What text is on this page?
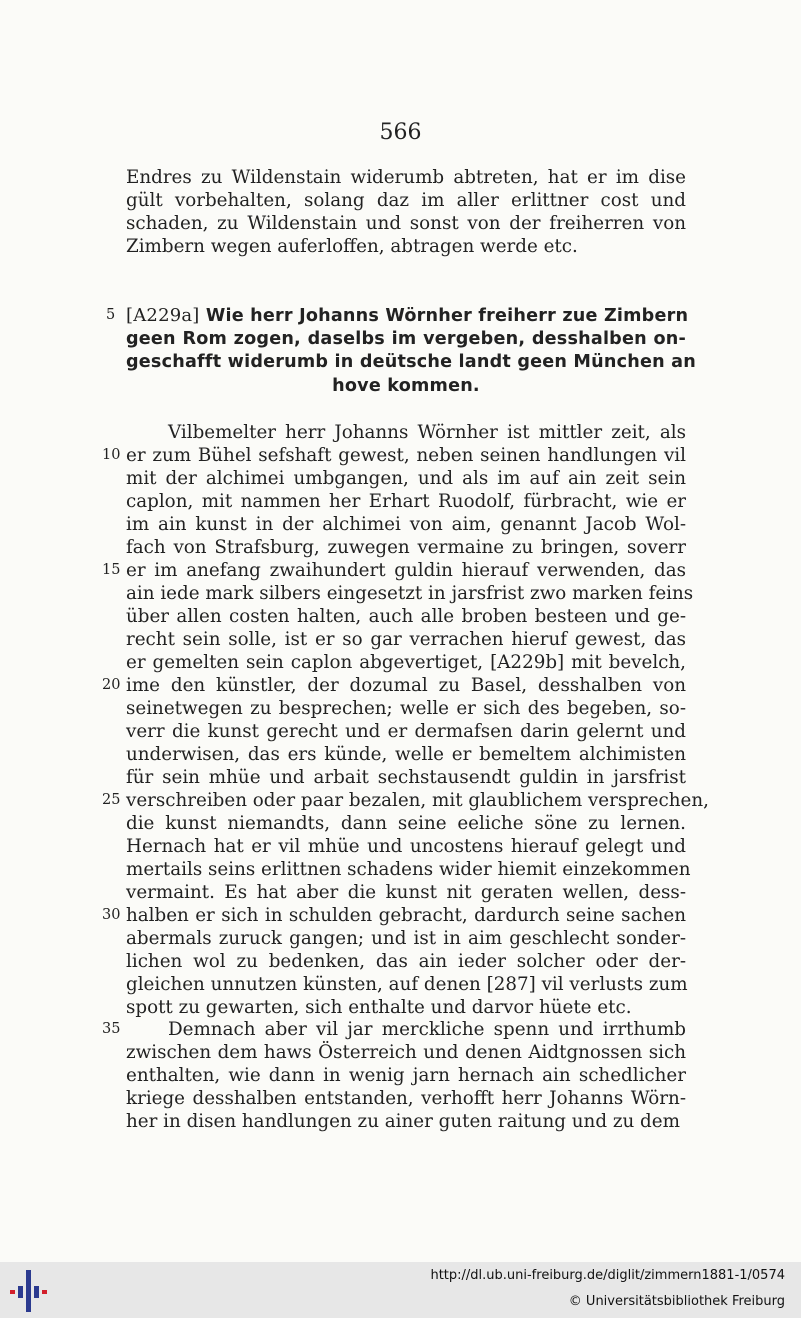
566
Endres zu Wildenstain widerumb abtreten, hat er im dise
gült vorbehalten, solang daz im aller erlittner cost und
schaden, zu Wildenstain und sonst von der freiherren von
Zimbern wegen auferloffen, abtragen werde etc.
5 [A229a] Wie herr Johanns Wörnher freiherr zue Zimbern
geen Rom zogen, daselbs im vergeben, desshalben on-
geschafft widerumb in deütsche landt geen München an
hove kommen.
Vilbemelter herr Johanns Wörnher ist mittler zeit, als
10 er zum Bühel sefshaft gewest, neben seinen handlungen vil
mit der alchimei umbgangen, und als im auf ain zeit sein
caplon, mit nammen her Erhart Ruodolf, fürbracht, wie er
im ain kunst in der alchimei von aim, genannt Jacob Wol-
fach von Strafsburg, zuwegen vermaine zu bringen, soverr
15 er im anefang zwaihundert guldin hierauf verwenden, das
ain iede mark silbers eingesetzt in jarsfrist zwo marken feins
über allen costen halten, auch alle broben besteen und ge-
recht sein solle, ist er so gar verrachen hieruf gewest, das
er gemelten sein caplon abgevertiget, [A229b] mit bevelch,
20 ime den künstler, der dozumal zu Basel, desshalben von
seinetwegen zu besprechen; welle er sich des begeben, so-
verr die kunst gerecht und er dermafsen darin gelernt und
underwisen, das ers künde, welle er bemeltem alchimisten
für sein mhüe und arbait sechstausendt guldin in jarsfrist
25 verschreiben oder paar bezalen, mit glaublichem versprechen,
die kunst niemandts, dann seine eeliche söne zu lernen.
Hernach hat er vil mhüe und uncostens hierauf gelegt und
mertails seins erlittnen schadens wider hiemit einzekommen
vermaint. Es hat aber die kunst nit geraten wellen, dess-
30 halben er sich in schulden gebracht, dardurch seine sachen
abermals zuruck gangen; und ist in aim geschlecht sonder-
lichen wol zu bedenken, das ain ieder solcher oder der-
gleichen unnutzen künsten, auf denen [287] vil verlusts zum
spott zu gewarten, sich enthalte und darvor hüete etc.
35	Demnach aber vil jar merckliche spenn und irrthumb
zwischen dem haws Österreich und denen Aidtgnossen sich
enthalten, wie dann in wenig jarn hernach ain schedlicher
kriege desshalben entstanden, verhofft herr Johanns Wörn-
her in disen handlungen zu ainer guten raitung und zu dem
http://dl.ub.uni-freiburg.de/diglit/zimmern1881-1/0574
© Universitätsbibliothek Freiburg
